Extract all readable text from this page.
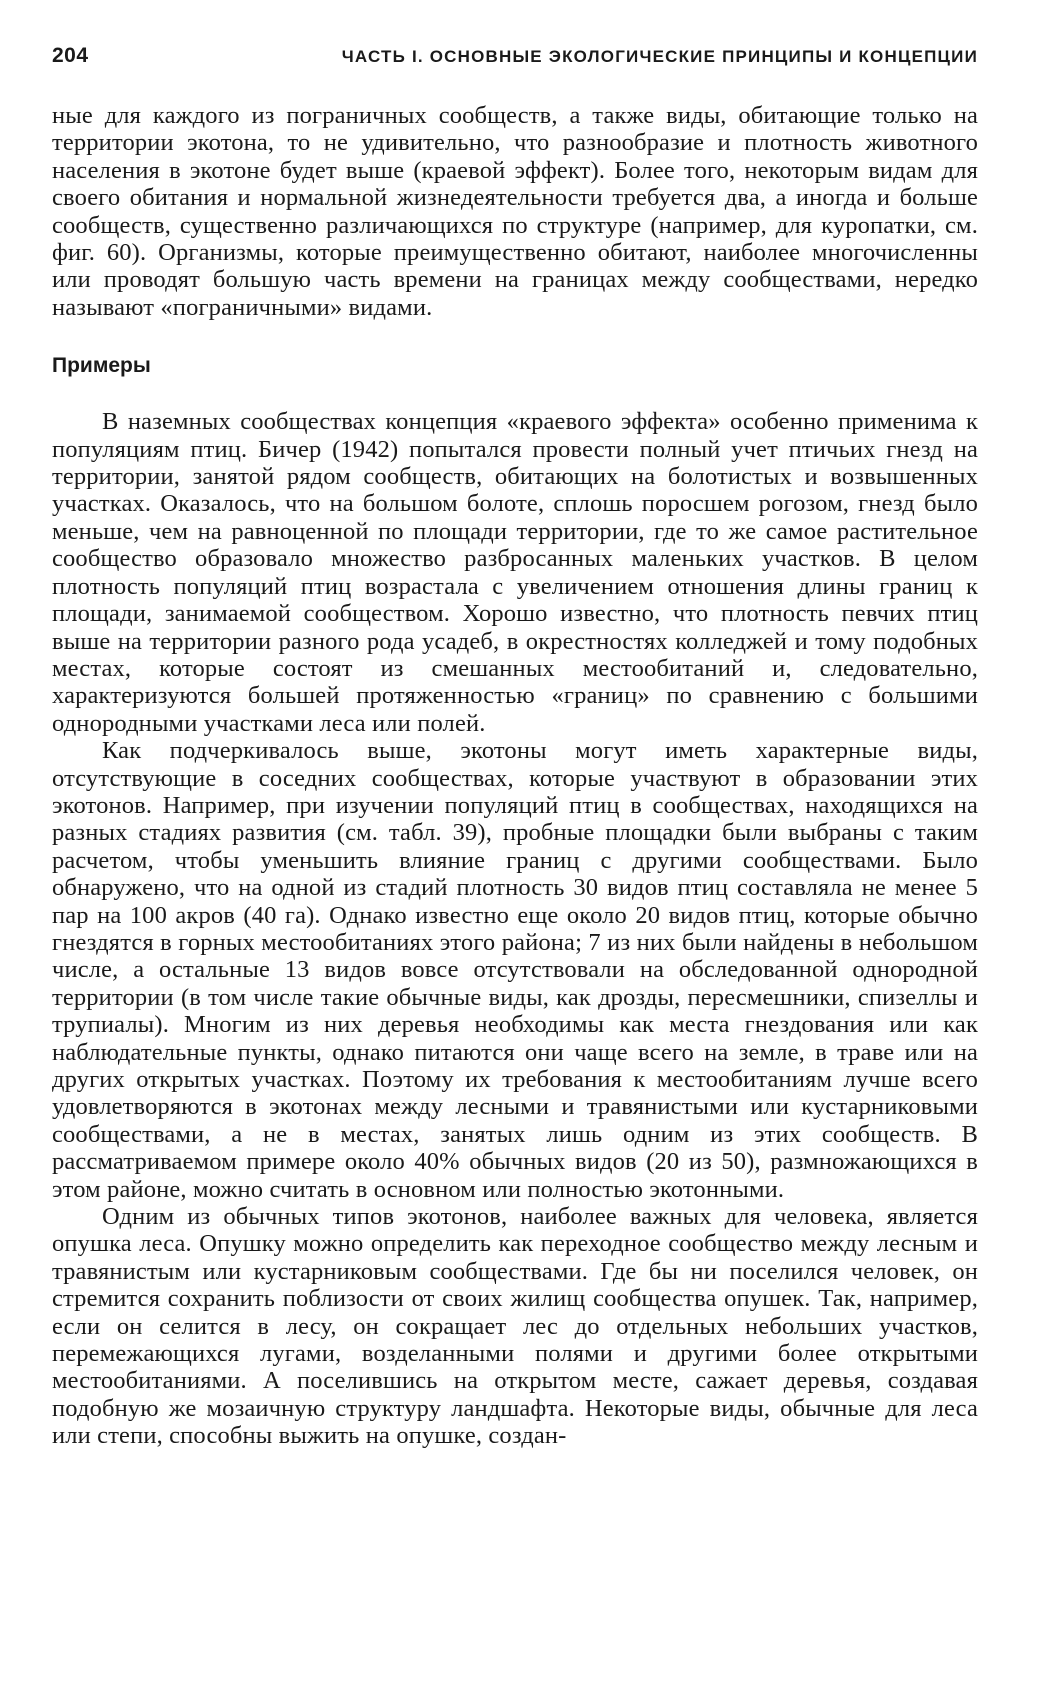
204	ЧАСТЬ I. ОСНОВНЫЕ ЭКОЛОГИЧЕСКИЕ ПРИНЦИПЫ И КОНЦЕПЦИИ

ные для каждого из пограничных сообществ, а также виды, обитающие только на территории экотона, то не удивительно, что разнообразие и плотность животного населения в экотоне будет выше (краевой эффект). Более того, некоторым видам для своего обитания и нормальной жизнедеятельности требуется два, а иногда и больше сообществ, существенно различающихся по структуре (например, для куропатки, см. фиг. 60). Организмы, которые преимущественно обитают, наиболее многочисленны или проводят большую часть времени на границах между сообществами, нередко называют «пограничными» видами.

Примеры

В наземных сообществах концепция «краевого эффекта» особенно применима к популяциям птиц. Бичер (1942) попытался провести полный учет птичьих гнезд на территории, занятой рядом сообществ, обитающих на болотистых и возвышенных участках. Оказалось, что на большом болоте, сплошь поросшем рогозом, гнезд было меньше, чем на равноценной по площади территории, где то же самое растительное сообщество образовало множество разбросанных маленьких участков. В целом плотность популяций птиц возрастала с увеличением отношения длины границ к площади, занимаемой сообществом. Хорошо известно, что плотность певчих птиц выше на территории разного рода усадеб, в окрестностях колледжей и тому подобных местах, которые состоят из смешанных местообитаний и, следовательно, характеризуются большей протяженностью «границ» по сравнению с большими однородными участками леса или полей.

Как подчеркивалось выше, экотоны могут иметь характерные виды, отсутствующие в соседних сообществах, которые участвуют в образовании этих экотонов. Например, при изучении популяций птиц в сообществах, находящихся на разных стадиях развития (см. табл. 39), пробные площадки были выбраны с таким расчетом, чтобы уменьшить влияние границ с другими сообществами. Было обнаружено, что на одной из стадий плотность 30 видов птиц составляла не менее 5 пар на 100 акров (40 га). Однако известно еще около 20 видов птиц, которые обычно гнездятся в горных местообитаниях этого района; 7 из них были найдены в небольшом числе, а остальные 13 видов вовсе отсутствовали на обследованной однородной территории (в том числе такие обычные виды, как дрозды, пересмешники, спизеллы и трупиалы). Многим из них деревья необходимы как места гнездования или как наблюдательные пункты, однако питаются они чаще всего на земле, в траве или на других открытых участках. Поэтому их требования к местообитаниям лучше всего удовлетворяются в экотонах между лесными и травянистыми или кустарниковыми сообществами, а не в местах, занятых лишь одним из этих сообществ. В рассматриваемом примере около 40% обычных видов (20 из 50), размножающихся в этом районе, можно считать в основном или полностью экотонными.

Одним из обычных типов экотонов, наиболее важных для человека, является опушка леса. Опушку можно определить как переходное сообщество между лесным и травянистым или кустарниковым сообществами. Где бы ни поселился человек, он стремится сохранить поблизости от своих жилищ сообщества опушек. Так, например, если он селится в лесу, он сокращает лес до отдельных небольших участков, перемежающихся лугами, возделанными полями и другими более открытыми местообитаниями. А поселившись на открытом месте, сажает деревья, создавая подобную же мозаичную структуру ландшафта. Некоторые виды, обычные для леса или степи, способны выжить на опушке, создан-
